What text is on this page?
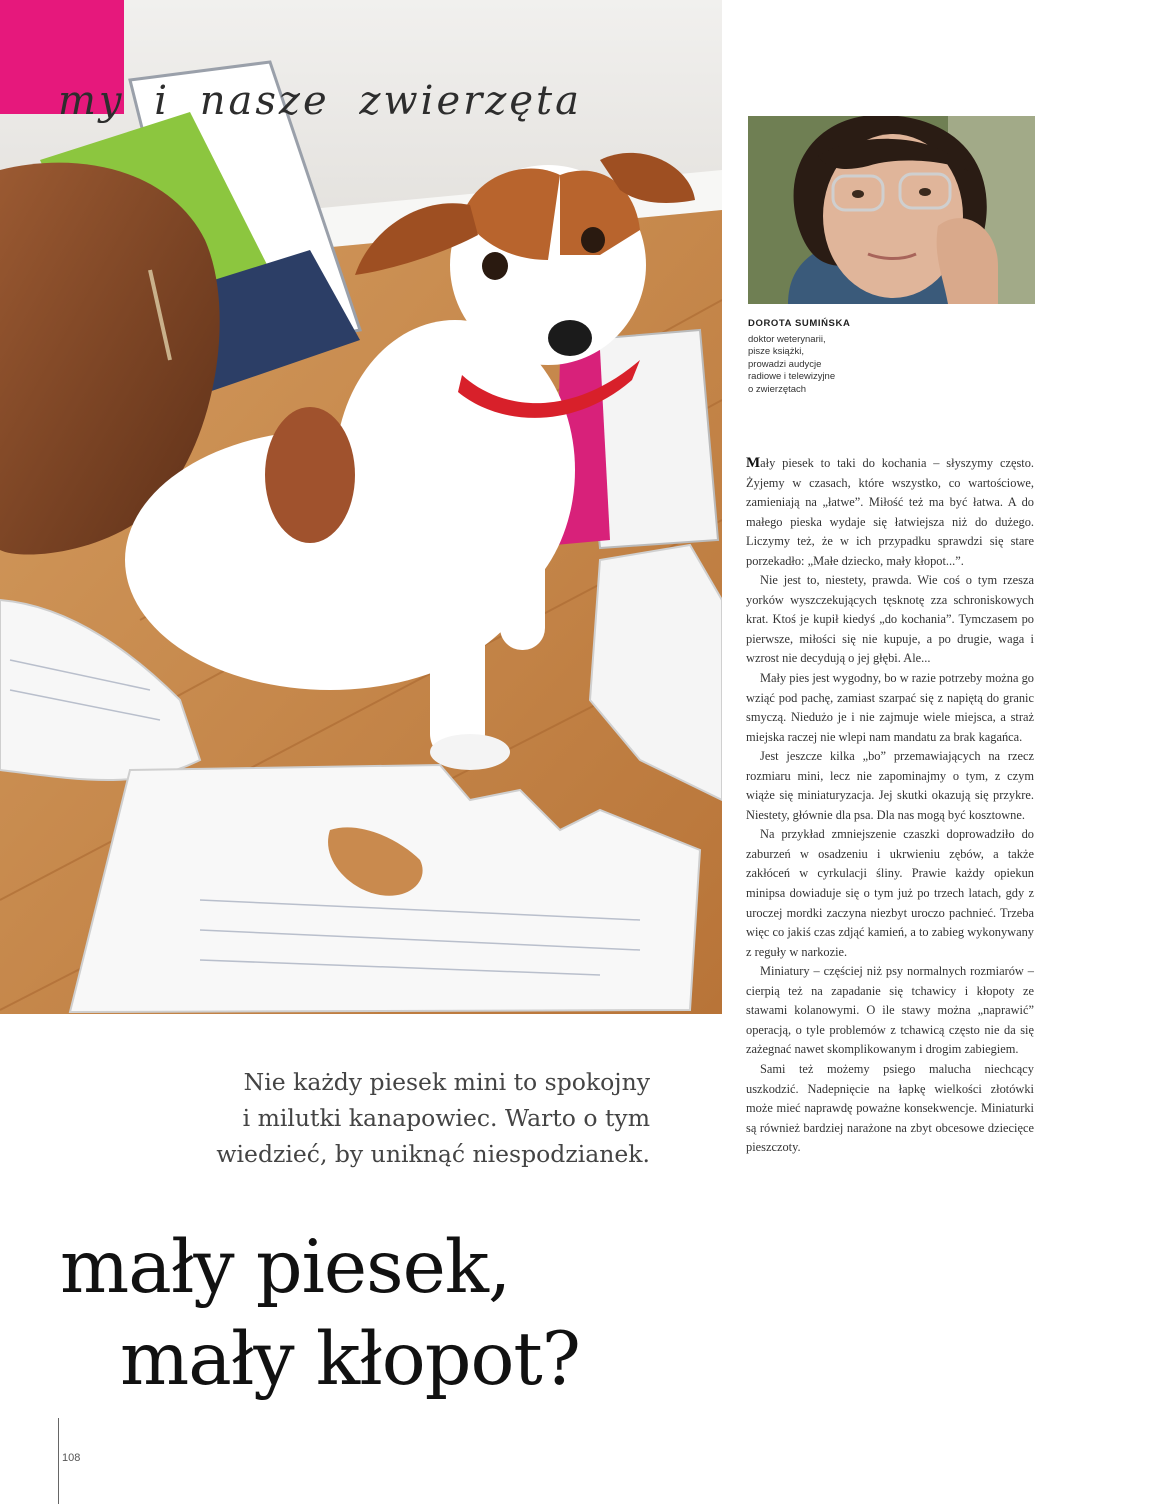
my i nasze zwierzęta

DOROTA SUMIŃSKA

doktor weterynarii,
pisze książki,
prowadzi audycje
radiowe i telewizyjne
o zwierzętach

Mały piesek to taki do kochania – słyszymy często. Żyjemy w czasach, które wszystko, co wartościowe, zamieniają na „łatwe”. Miłość też ma być łatwa. A do małego pieska wydaje się łatwiejsza niż do dużego. Liczymy też, że w ich przypadku sprawdzi się stare porzekadło: „Małe dziecko, mały kłopot...”.

Nie jest to, niestety, prawda. Wie coś o tym rzesza yorków wyszczekujących tęsknotę zza schroniskowych krat. Ktoś je kupił kiedyś „do kochania”. Tymczasem po pierwsze, miłości się nie kupuje, a po drugie, waga i wzrost nie decydują o jej głębi. Ale...

Mały pies jest wygodny, bo w razie potrzeby można go wziąć pod pachę, zamiast szarpać się z napiętą do granic smyczą. Niedużo je i nie zajmuje wiele miejsca, a straż miejska raczej nie wlepi nam mandatu za brak kagańca.

Jest jeszcze kilka „bo” przemawiających na rzecz rozmiaru mini, lecz nie zapominajmy o tym, z czym wiąże się miniaturyzacja. Jej skutki okazują się przykre. Niestety, głównie dla psa. Dla nas mogą być kosztowne.

Na przykład zmniejszenie czaszki doprowadziło do zaburzeń w osadzeniu i ukrwieniu zębów, a także zakłóceń w cyrkulacji śliny. Prawie każdy opiekun minipsa dowiaduje się o tym już po trzech latach, gdy z uroczej mordki zaczyna niezbyt uroczo pachnieć. Trzeba więc co jakiś czas zdjąć kamień, a to zabieg wykonywany z reguły w narkozie.

Miniatury – częściej niż psy normalnych rozmiarów – cierpią też na zapadanie się tchawicy i kłopoty ze stawami kolanowymi. O ile stawy można „naprawić” operacją, o tyle problemów z tchawicą często nie da się zażegnać nawet skomplikowanym i drogim zabiegiem.

Sami też możemy psiego malucha niechcący uszkodzić. Nadepnięcie na łapkę wielkości złotówki może mieć naprawdę poważne konsekwencje. Miniaturki są również bardziej narażone na zbyt obcesowe dziecięce pieszczoty.

Nie każdy piesek mini to spokojny
i milutki kanapowiec. Warto o tym
wiedzieć, by uniknąć niespodzianek.

mały piesek,
mały kłopot?
108
